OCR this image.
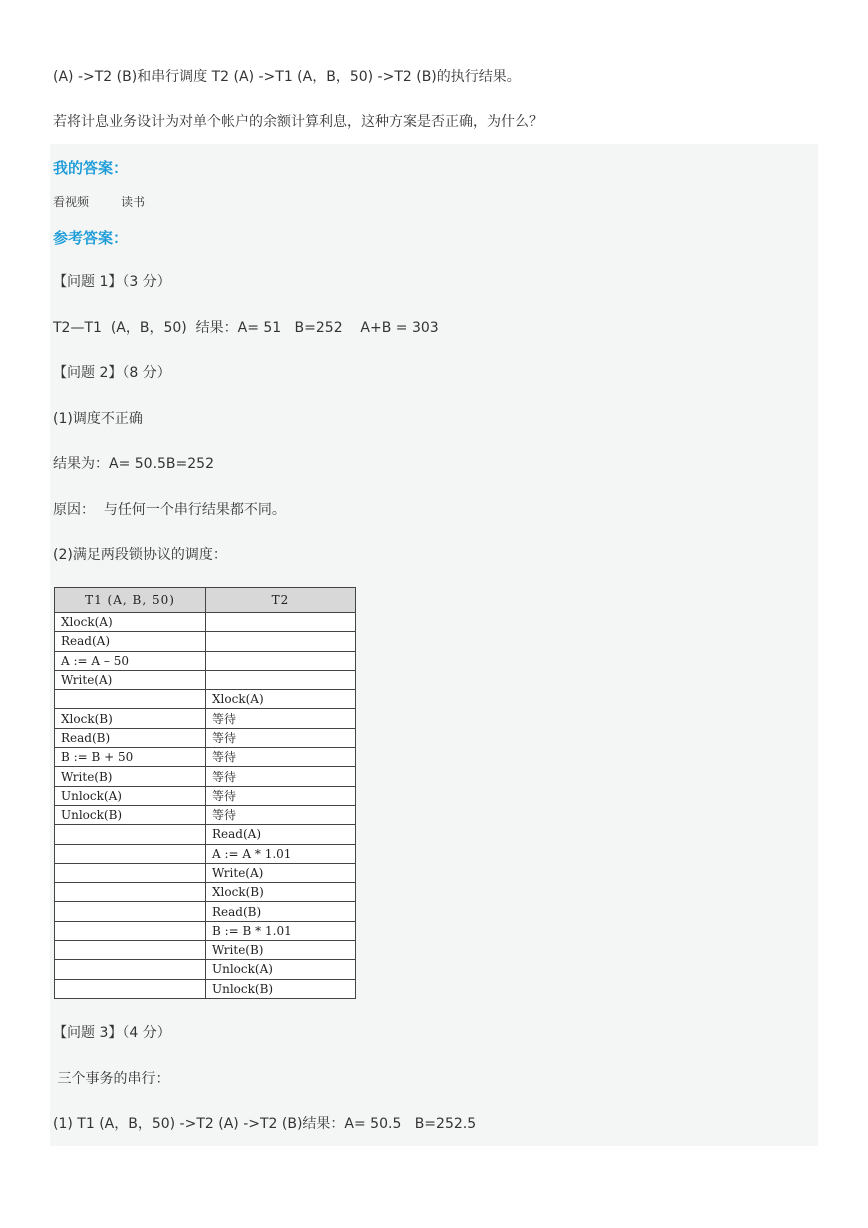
(A) ->T2 (B)和串行调度 T2 (A) ->T1 (A，B，50) ->T2 (B)的执行结果。
若将计息业务设计为对单个帐户的余额计算利息，这种方案是否正确，为什么？
我的答案：
看视频	读书
参考答案：
【问题 1】（3 分）
T2—T1  (A，B，50)  结果：A= 51   B=252    A+B = 303
【问题 2】（8 分）
(1)调度不正确
结果为：A= 50.5B=252
原因：  与任何一个串行结果都不同。
(2)满足两段锁协议的调度：
T1 (A, B, 50)	T2
Xlock(A)	
Read(A)	
A := A – 50	
Write(A)	
	Xlock(A)
Xlock(B)	等待
Read(B)	等待
B := B + 50	等待
Write(B)	等待
Unlock(A)	等待
Unlock(B)	等待
	Read(A)
	A := A * 1.01
	Write(A)
	Xlock(B)
	Read(B)
	B := B * 1.01
	Write(B)
	Unlock(A)
	Unlock(B)
【问题 3】（4 分）
三个事务的串行：
(1) T1 (A，B，50) ->T2 (A) ->T2 (B)结果：A= 50.5   B=252.5
